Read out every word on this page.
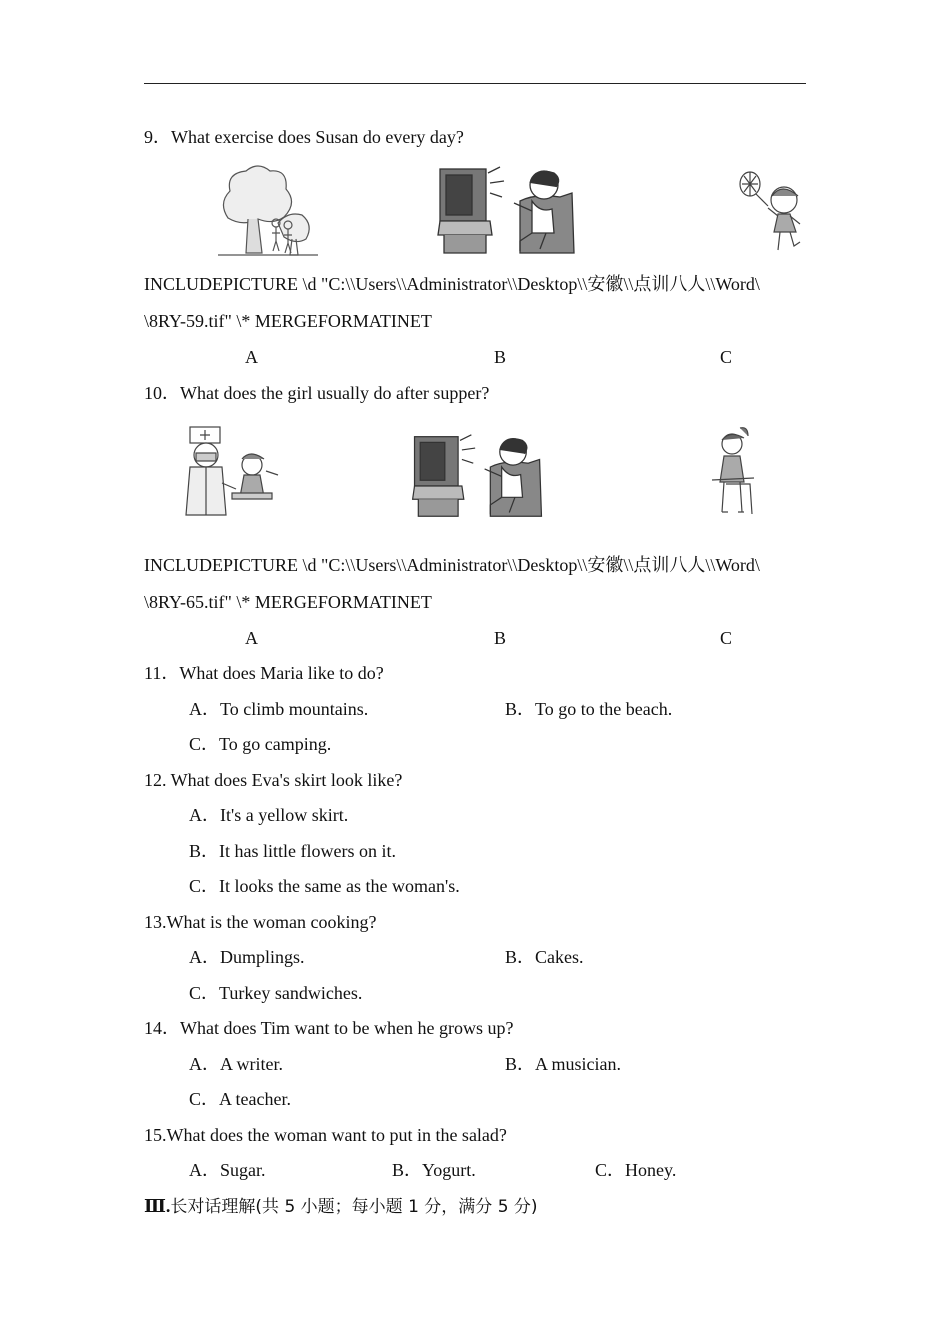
9．What exercise does Susan do every day?
INCLUDEPICTURE \d "C:\\Users\\Administrator\\Desktop\\安徽\\点训八人\\Word\
\8RY-59.tif" \* MERGEFORMATINET
A	B	C
10．What does the girl usually do after supper?
INCLUDEPICTURE \d "C:\\Users\\Administrator\\Desktop\\安徽\\点训八人\\Word\
\8RY-65.tif" \* MERGEFORMATINET
A	B	C
11．What does Maria like to do?
A．To climb mountains.	B．To go to the beach.
C．To go camping.
12. What does Eva's skirt look like?
A．It's a yellow skirt.
B．It has little flowers on it.
C．It looks the same as the woman's.
13.What is the woman cooking?
A．Dumplings.	B．Cakes.
C．Turkey sandwiches.
14．What does Tim want to be when he grows up?
A．A writer.	B．A musician.
C．A teacher.
15.What does the woman want to put in the salad?
A．Sugar.	B．Yogurt.	C．Honey.
Ⅲ.长对话理解(共 5 小题；每小题 1 分，满分 5 分)
